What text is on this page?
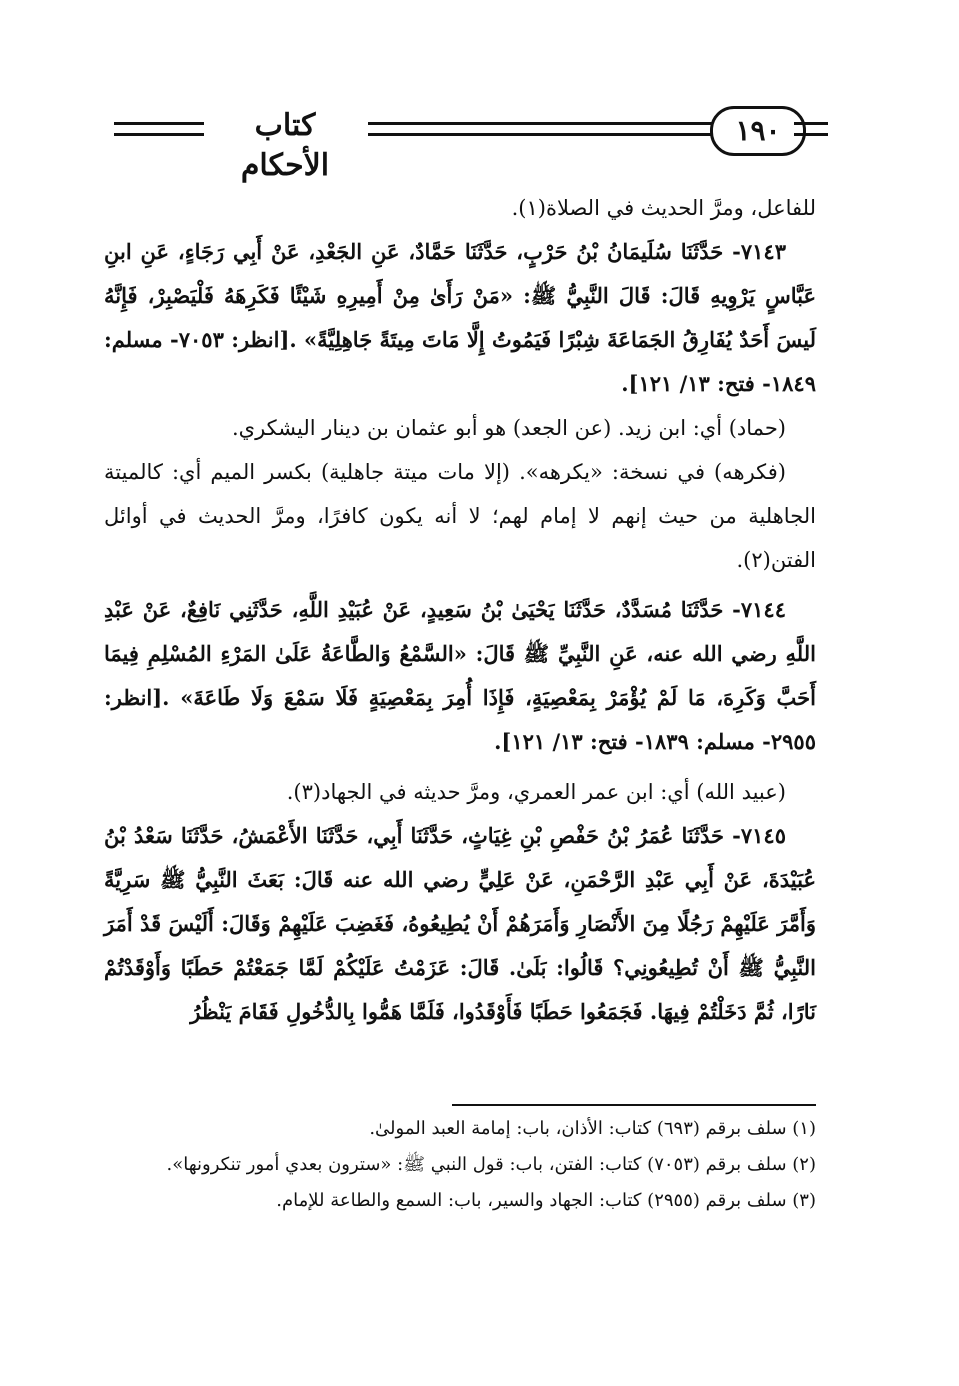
كتاب الأحكام
١٩٠

للفاعل، ومرَّ الحديث في الصلاة(١).

٧١٤٣- حَدَّثَنَا سُلَيمَانُ بْنُ حَرْبٍ، حَدَّثَنَا حَمَّادٌ، عَنِ الجَعْدِ، عَنْ أَبِي رَجَاءٍ، عَنِ ابنِ عَبَّاسٍ يَرْوِيهِ قَالَ: قَالَ النَّبِيُّ ﷺ: «مَنْ رَأَىٰ مِنْ أَمِيرِهِ شَيْئًا فَكَرِهَهُ فَلْيَصْبِرْ، فَإِنَّهُ لَيسَ أَحَدٌ يُفَارِقُ الجَمَاعَةَ شِبْرًا فَيَمُوتُ إِلَّا مَاتَ مِيتَةً جَاهِلِيَّةً» .[انظر: ٧٠٥٣- مسلم: ١٨٤٩- فتح: ١٣/ ١٢١].

(حماد) أي: ابن زيد. (عن الجعد) هو أبو عثمان بن دينار اليشكري.

(فكرهه) في نسخة: «يكرهه». (إلا مات ميتة جاهلية) بكسر الميم أي: كالميتة الجاهلية من حيث إنهم لا إمام لهم؛ لا أنه يكون كافرًا، ومرَّ الحديث في أوائل الفتن(٢).

٧١٤٤- حَدَّثَنَا مُسَدَّدٌ، حَدَّثَنَا يَحْيَىٰ بْنُ سَعِيدٍ، عَنْ عُبَيْدِ اللَّهِ، حَدَّثَنِي نَافِعٌ، عَنْ عَبْدِ اللَّهِ رضي الله عنه، عَنِ النَّبِيِّ ﷺ قَالَ: «السَّمْعُ وَالطَّاعَةُ عَلَىٰ المَرْءِ المُسْلِمِ فِيمَا أَحَبَّ وَكَرِهَ، مَا لَمْ يُؤْمَرْ بِمَعْصِيَةٍ، فَإِذَا أُمِرَ بِمَعْصِيَةٍ فَلَا سَمْعَ وَلَا طَاعَةَ» .[انظر: ٢٩٥٥- مسلم: ١٨٣٩- فتح: ١٣/ ١٢١].

(عبيد الله) أي: ابن عمر العمري، ومرَّ حديثه في الجهاد(٣).

٧١٤٥- حَدَّثَنَا عُمَرُ بْنُ حَفْصِ بْنِ غِيَاثٍ، حَدَّثَنَا أَبِي، حَدَّثَنَا الأَعْمَشُ، حَدَّثَنَا سَعْدُ بْنُ عُبَيْدَةَ، عَنْ أَبِي عَبْدِ الرَّحْمَنِ، عَنْ عَلِيٍّ رضي الله عنه قَالَ: بَعَثَ النَّبِيُّ ﷺ سَرِيَّةً وَأَمَّرَ عَلَيْهِمْ رَجُلًا مِنَ الأَنْصَارِ وَأَمَرَهُمْ أَنْ يُطِيعُوهُ، فَغَضِبَ عَلَيْهِمْ وَقَالَ: أَلَيْسَ قَدْ أَمَرَ النَّبِيُّ ﷺ أَنْ تُطِيعُونِي؟ قَالُوا: بَلَىٰ. قَالَ: عَزَمْتُ عَلَيْكُمْ لَمَّا جَمَعْتُمْ حَطَبًا وَأَوْقَدْتُمْ نَارًا، ثُمَّ دَخَلْتُمْ فِيهَا. فَجَمَعُوا حَطَبًا فَأَوْقَدُوا، فَلَمَّا هَمُّوا بِالدُّخُولِ فَقَامَ يَنْظُرُ

(١) سلف برقم (٦٩٣) كتاب: الأذان، باب: إمامة العبد المولىٰ.

(٢) سلف برقم (٧٠٥٣) كتاب: الفتن، باب: قول النبي ﷺ: «سترون بعدي أمور تنكرونها».

(٣) سلف برقم (٢٩٥٥) كتاب: الجهاد والسير، باب: السمع والطاعة للإمام.
